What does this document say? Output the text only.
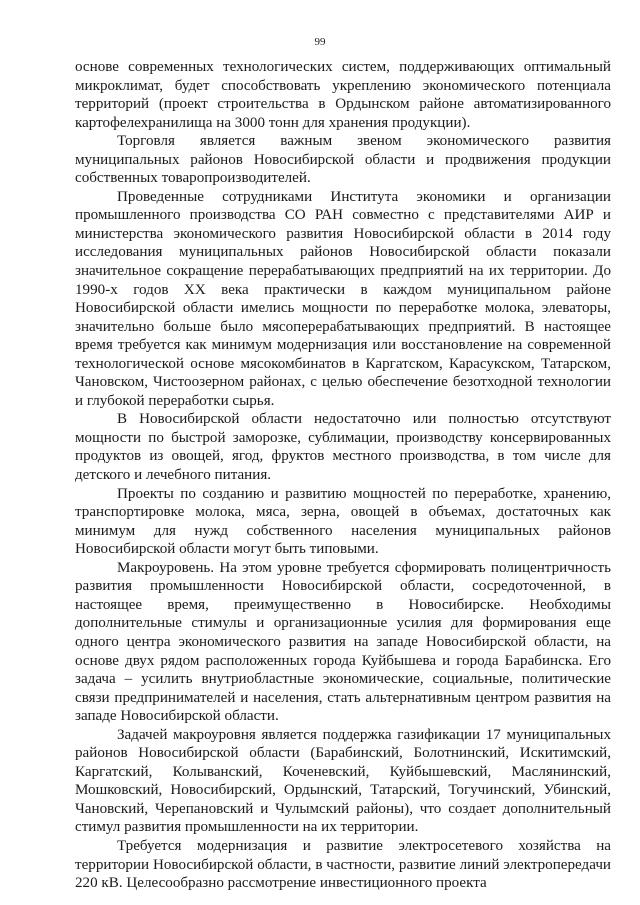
99

основе современных технологических систем, поддерживающих оптимальный микроклимат, будет способствовать укреплению экономического потенциала территорий (проект строительства в Ордынском районе автоматизированного картофелехранилища на 3000 тонн для хранения продукции).

Торговля является важным звеном экономического развития муниципальных районов Новосибирской области и продвижения продукции собственных товаропроизводителей.

Проведенные сотрудниками Института экономики и организации промышленного производства СО РАН совместно с представителями АИР и министерства экономического развития Новосибирской области в 2014 году исследования муниципальных районов Новосибирской области показали значительное сокращение перерабатывающих предприятий на их территории. До 1990-х годов XX века практически в каждом муниципальном районе Новосибирской области имелись мощности по переработке молока, элеваторы, значительно больше было мясоперерабатывающих предприятий. В настоящее время требуется как минимум модернизация или восстановление на современной технологической основе мясокомбинатов в Каргатском, Карасукском, Татарском, Чановском, Чистоозерном районах, с целью обеспечение безотходной технологии и глубокой переработки сырья.

В Новосибирской области недостаточно или полностью отсутствуют мощности по быстрой заморозке, сублимации, производству консервированных продуктов из овощей, ягод, фруктов местного производства, в том числе для детского и лечебного питания.

Проекты по созданию и развитию мощностей по переработке, хранению, транспортировке молока, мяса, зерна, овощей в объемах, достаточных как минимум для нужд собственного населения муниципальных районов Новосибирской области могут быть типовыми.

Макроуровень. На этом уровне требуется сформировать полицентричность развития промышленности Новосибирской области, сосредоточенной, в настоящее время, преимущественно в Новосибирске. Необходимы дополнительные стимулы и организационные усилия для формирования еще одного центра экономического развития на западе Новосибирской области, на основе двух рядом расположенных города Куйбышева и города Барабинска. Его задача – усилить внутриобластные экономические, социальные, политические связи предпринимателей и населения, стать альтернативным центром развития на западе Новосибирской области.

Задачей макроуровня является поддержка газификации 17 муниципальных районов Новосибирской области (Барабинский, Болотнинский, Искитимский, Каргатский, Колыванский, Коченевский, Куйбышевский, Маслянинский, Мошковский, Новосибирский, Ордынский, Татарский, Тогучинский, Убинский, Чановский, Черепановский и Чулымский районы), что создает дополнительный стимул развития промышленности на их территории.

Требуется модернизация и развитие электросетевого хозяйства на территории Новосибирской области, в частности, развитие линий электропередачи 220 кВ. Целесообразно рассмотрение инвестиционного проекта
